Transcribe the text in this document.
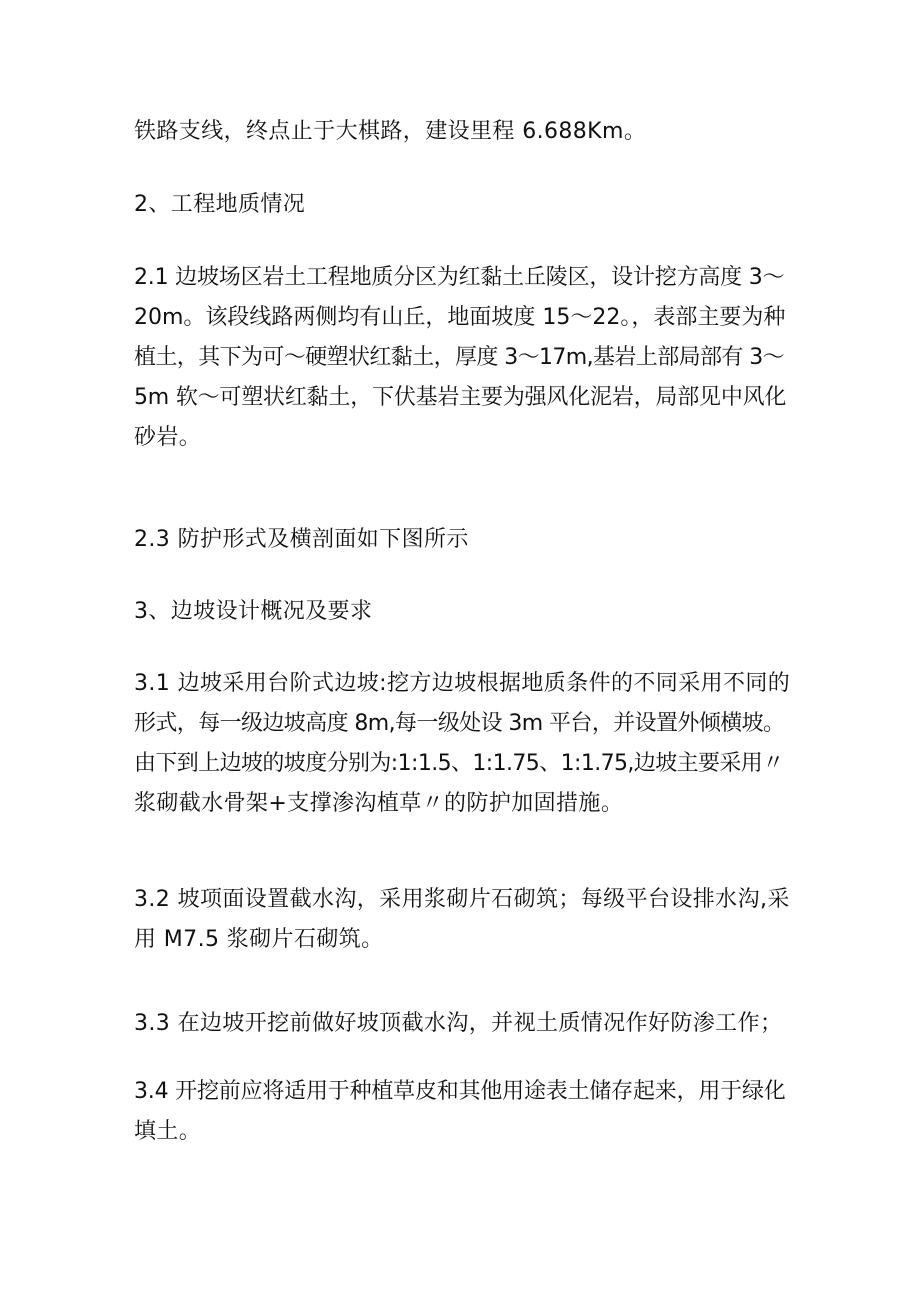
铁路支线，终点止于大棋路，建设里程 6.688Km。

2、工程地质情况

2.1 边坡场区岩土工程地质分区为红黏土丘陵区，设计挖方高度 3～
20m。该段线路两侧均有山丘，地面坡度 15～22。，表部主要为种
植土，其下为可～硬塑状红黏土，厚度 3～17m,基岩上部局部有 3～
5m 软～可塑状红黏土，下伏基岩主要为强风化泥岩，局部见中风化
砂岩。

2.3 防护形式及横剖面如下图所示
3、边坡设计概况及要求

3.1 边坡采用台阶式边坡:挖方边坡根据地质条件的不同采用不同的
形式，每一级边坡高度 8m,每一级处设 3m 平台，并设置外倾横坡。
由下到上边坡的坡度分别为:1:1.5、1:1.75、1:1.75,边坡主要采用〃
浆砌截水骨架+支撑渗沟植草〃的防护加固措施。

3.2 坡项面设置截水沟，采用浆砌片石砌筑；每级平台设排水沟,采
用 M7.5 浆砌片石砌筑。

3.3 在边坡开挖前做好坡顶截水沟，并视土质情况作好防渗工作；

3.4 开挖前应将适用于种植草皮和其他用途表土储存起来，用于绿化
填土。
